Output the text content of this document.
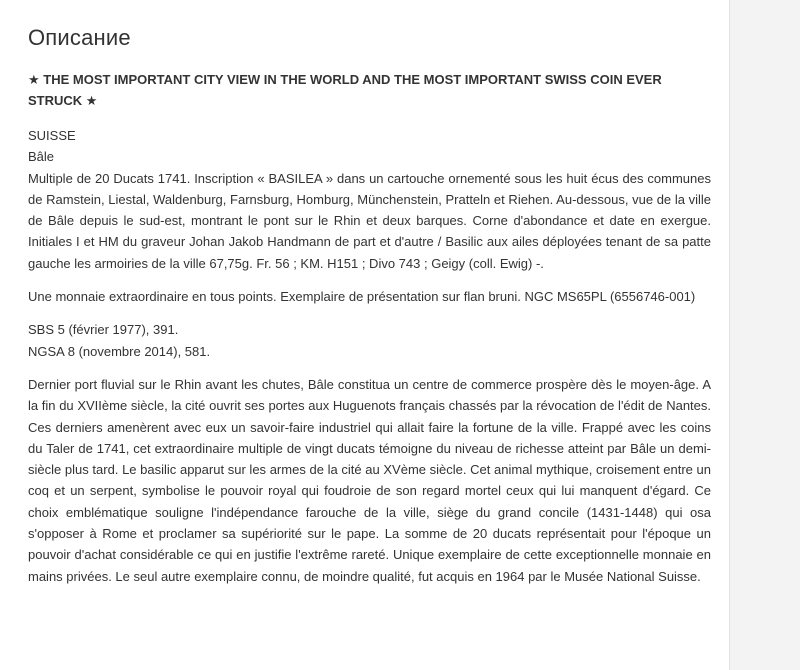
Описание
★ THE MOST IMPORTANT CITY VIEW IN THE WORLD AND THE MOST IMPORTANT SWISS COIN EVER STRUCK ★

SUISSE
Bâle
Multiple de 20 Ducats 1741. Inscription « BASILEA » dans un cartouche ornementé sous les huit écus des communes de Ramstein, Liestal, Waldenburg, Farnsburg, Homburg, Münchenstein, Pratteln et Riehen. Au-dessous, vue de la ville de Bâle depuis le sud-est, montrant le pont sur le Rhin et deux barques. Corne d'abondance et date en exergue. Initiales I et HM du graveur Johan Jakob Handmann de part et d'autre / Basilic aux ailes déployées tenant de sa patte gauche les armoiries de la ville 67,75g. Fr. 56 ; KM. H151 ; Divo 743 ; Geigy (coll. Ewig) -.

Une monnaie extraordinaire en tous points. Exemplaire de présentation sur flan bruni. NGC MS65PL (6556746-001)

SBS 5 (février 1977), 391.
NGSA 8 (novembre 2014), 581.

Dernier port fluvial sur le Rhin avant les chutes, Bâle constitua un centre de commerce prospère dès le moyen-âge. A la fin du XVIIème siècle, la cité ouvrit ses portes aux Huguenots français chassés par la révocation de l'édit de Nantes. Ces derniers amenèrent avec eux un savoir-faire industriel qui allait faire la fortune de la ville. Frappé avec les coins du Taler de 1741, cet extraordinaire multiple de vingt ducats témoigne du niveau de richesse atteint par Bâle un demi-siècle plus tard. Le basilic apparut sur les armes de la cité au XVème siècle. Cet animal mythique, croisement entre un coq et un serpent, symbolise le pouvoir royal qui foudroie de son regard mortel ceux qui lui manquent d'égard. Ce choix emblématique souligne l'indépendance farouche de la ville, siège du grand concile (1431-1448) qui osa s'opposer à Rome et proclamer sa supériorité sur le pape. La somme de 20 ducats représentait pour l'époque un pouvoir d'achat considérable ce qui en justifie l'extrême rareté. Unique exemplaire de cette exceptionnelle monnaie en mains privées. Le seul autre exemplaire connu, de moindre qualité, fut acquis en 1964 par le Musée National Suisse.
